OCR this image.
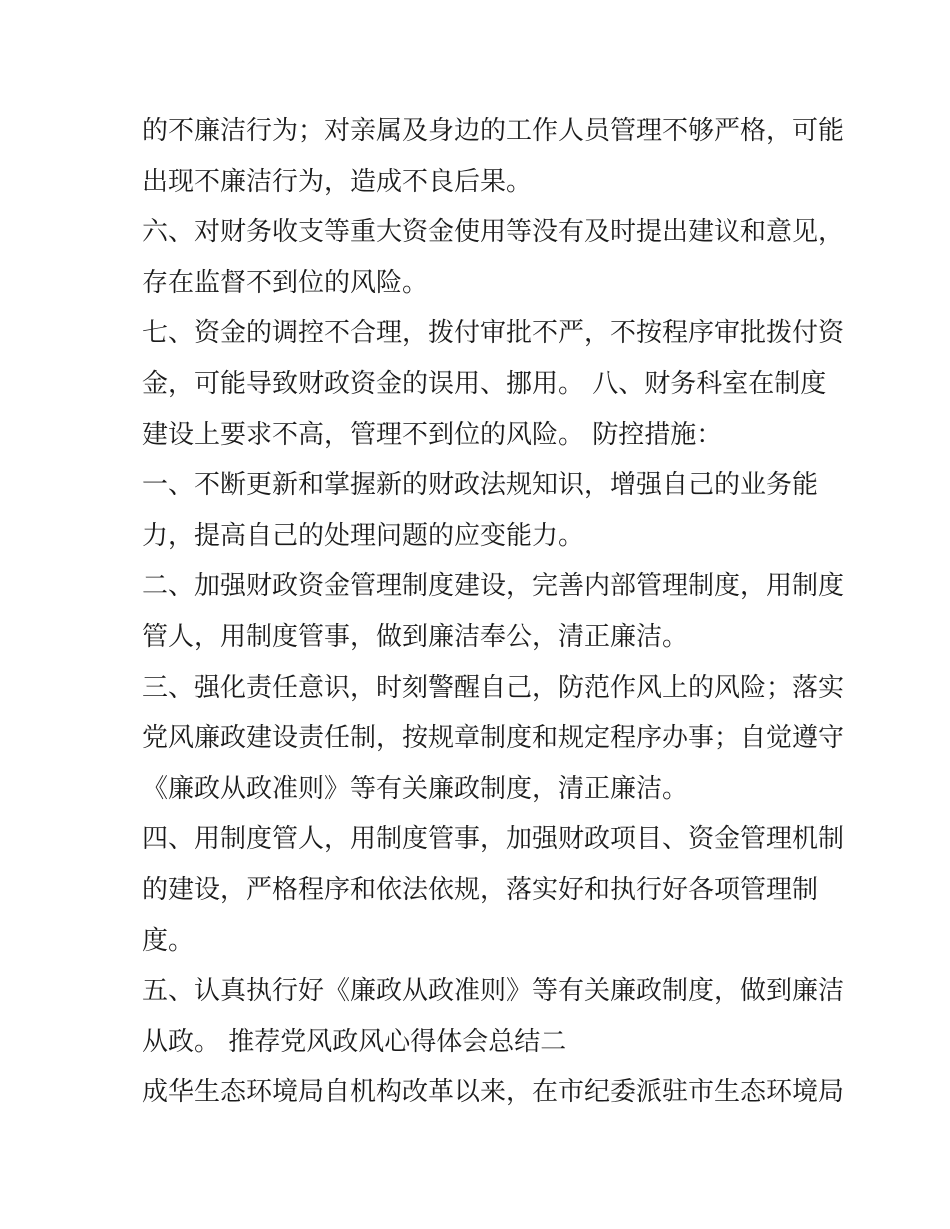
的不廉洁行为；对亲属及身边的工作人员管理不够严格，可能
出现不廉洁行为，造成不良后果。
六、对财务收支等重大资金使用等没有及时提出建议和意见，
存在监督不到位的风险。
七、资金的调控不合理，拨付审批不严，不按程序审批拨付资
金，可能导致财政资金的误用、挪用。 八、财务科室在制度
建设上要求不高，管理不到位的风险。 防控措施：
一、不断更新和掌握新的财政法规知识，增强自己的业务能
力，提高自己的处理问题的应变能力。
二、加强财政资金管理制度建设，完善内部管理制度，用制度
管人，用制度管事，做到廉洁奉公，清正廉洁。
三、强化责任意识，时刻警醒自己，防范作风上的风险；落实
党风廉政建设责任制，按规章制度和规定程序办事；自觉遵守
《廉政从政准则》等有关廉政制度，清正廉洁。
四、用制度管人，用制度管事，加强财政项目、资金管理机制
的建设，严格程序和依法依规，落实好和执行好各项管理制
度。
五、认真执行好《廉政从政准则》等有关廉政制度，做到廉洁
从政。 推荐党风政风心得体会总结二
成华生态环境局自机构改革以来，在市纪委派驻市生态环境局
